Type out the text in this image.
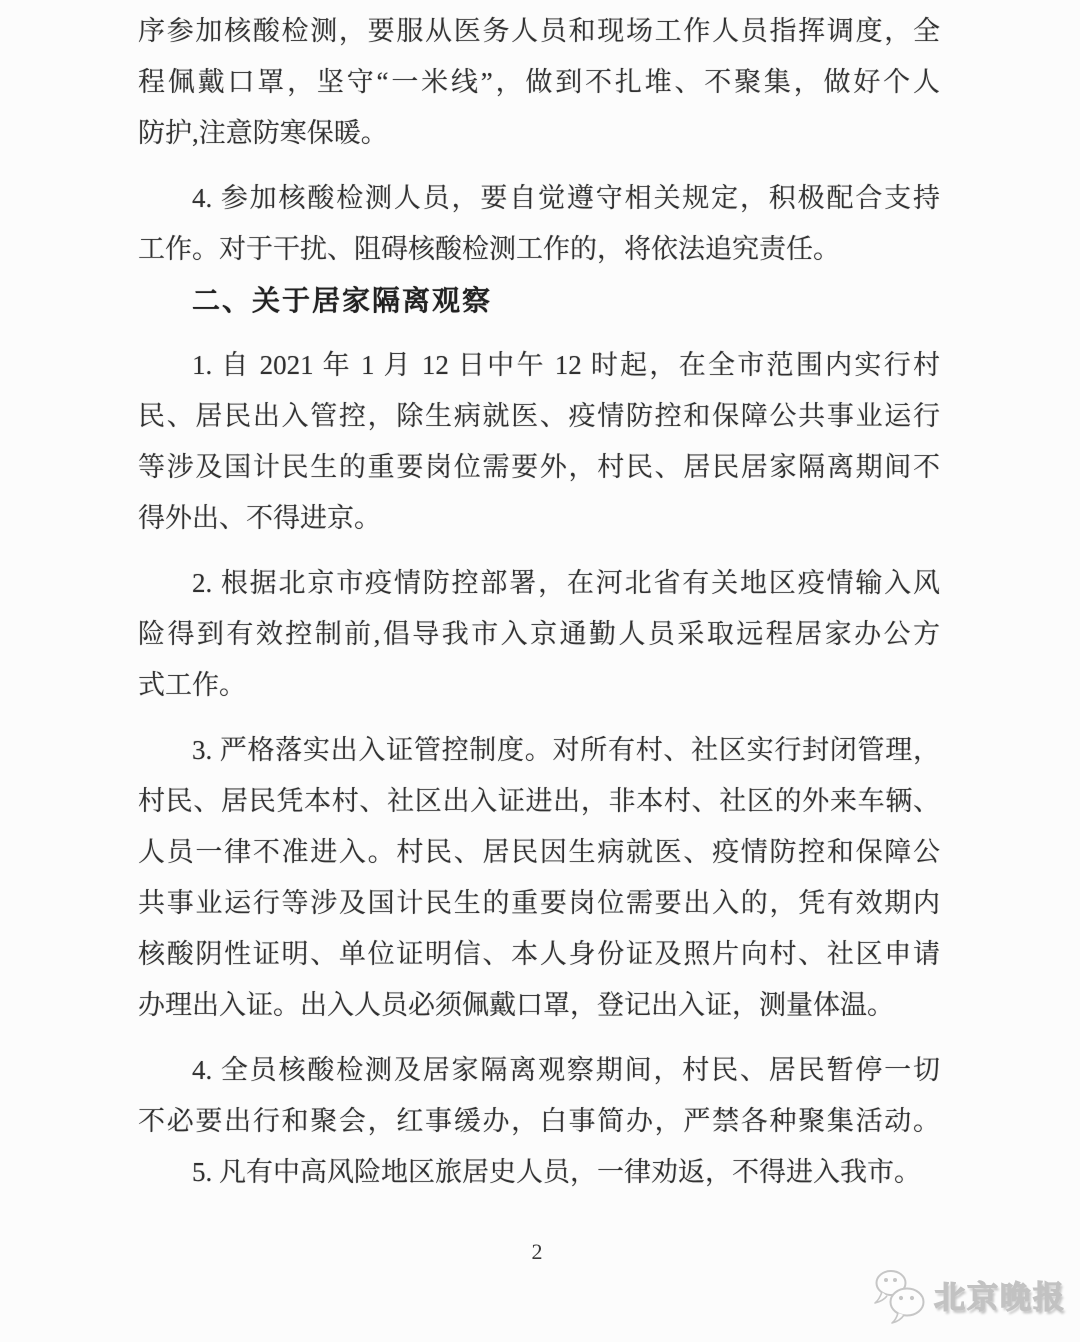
序参加核酸检测，要服从医务人员和现场工作人员指挥调度，全
程佩戴口罩，坚守“一米线”，做到不扎堆、不聚集，做好个人
防护,注意防寒保暖。
4. 参加核酸检测人员，要自觉遵守相关规定，积极配合支持
工作。对于干扰、阻碍核酸检测工作的，将依法追究责任。
二、关于居家隔离观察
1. 自 2021 年 1 月 12 日中午 12 时起，在全市范围内实行村
民、居民出入管控，除生病就医、疫情防控和保障公共事业运行
等涉及国计民生的重要岗位需要外，村民、居民居家隔离期间不
得外出、不得进京。
2. 根据北京市疫情防控部署，在河北省有关地区疫情输入风
险得到有效控制前,倡导我市入京通勤人员采取远程居家办公方
式工作。
3. 严格落实出入证管控制度。对所有村、社区实行封闭管理，
村民、居民凭本村、社区出入证进出，非本村、社区的外来车辆、
人员一律不准进入。村民、居民因生病就医、疫情防控和保障公
共事业运行等涉及国计民生的重要岗位需要出入的，凭有效期内
核酸阴性证明、单位证明信、本人身份证及照片向村、社区申请
办理出入证。出入人员必须佩戴口罩，登记出入证，测量体温。
4. 全员核酸检测及居家隔离观察期间，村民、居民暂停一切
不必要出行和聚会，红事缓办，白事简办，严禁各种聚集活动。
5. 凡有中高风险地区旅居史人员，一律劝返，不得进入我市。
2
北京晚报
